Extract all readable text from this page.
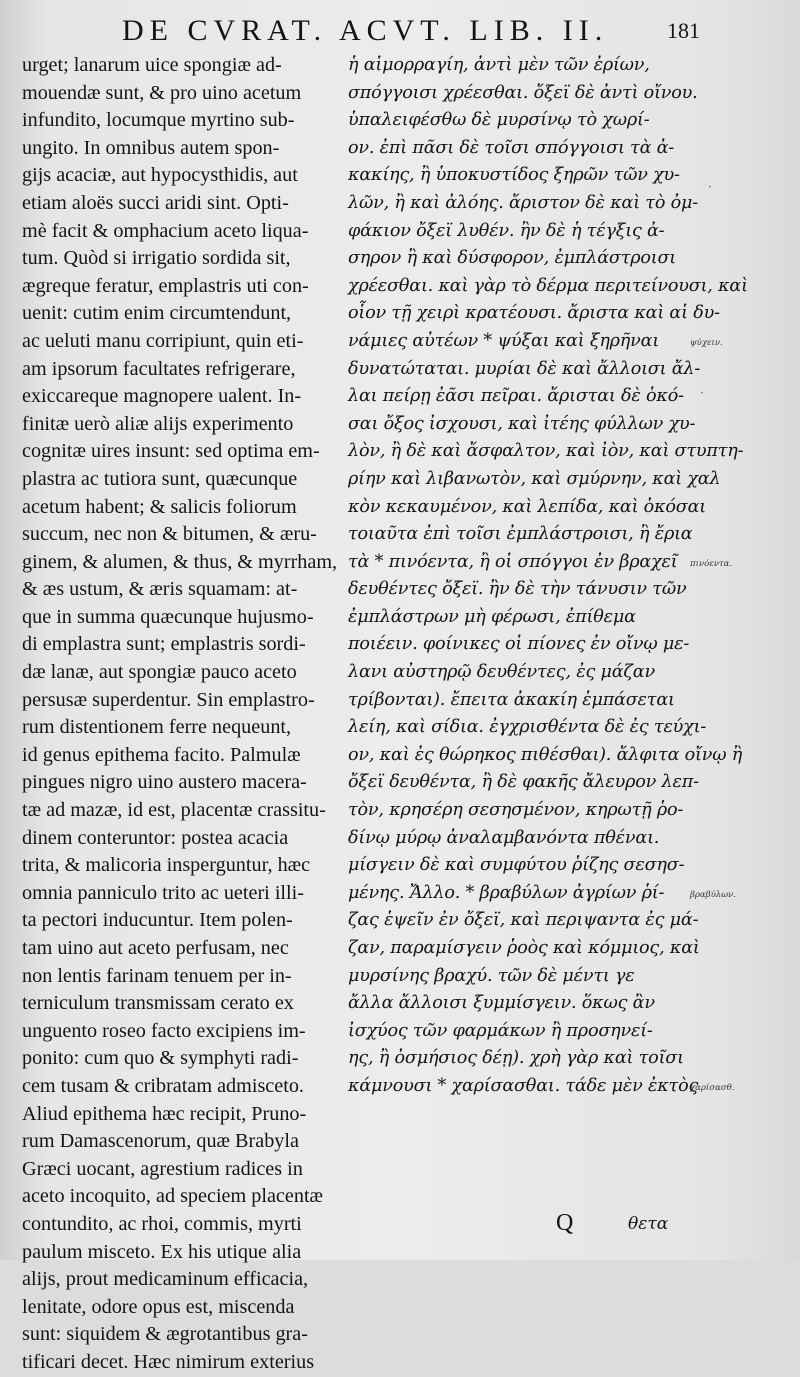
DE CVRAT. ACVT. LIB. II.	181
urget; lanarum uice spongiæ ad-
mouendæ sunt, & pro uino acetum
infundito, locumque myrtino sub-
ungito. In omnibus autem spon-
gijs acaciæ, aut hypocysthidis, aut
etiam aloës succi aridi sint. Opti-
mè facit & omphacium aceto liqua-
tum. Quòd si irrigatio sordida sit,
ægreque feratur, emplastris uti con-
uenit: cutim enim circumtendunt,
ac ueluti manu corripiunt, quin eti-
am ipsorum facultates refrigerare,
exiccareque magnopere ualent. In-
finitæ uerò aliæ alijs experimento
cognitæ uires insunt: sed optima em-
plastra ac tutiora sunt, quæcunque
acetum habent; & salicis foliorum
succum, nec non & bitumen, & æru-
ginem, & alumen, & thus, & myrrham,
& æs ustum, & æris squamam: at-
que in summa quæcunque hujusmo-
di emplastra sunt; emplastris sordi-
dæ lanæ, aut spongiæ pauco aceto
persusæ superdentur. Sin emplastro-
rum distentionem ferre nequeunt,
id genus epithema facito. Palmulæ
pingues nigro uino austero macera-
tæ ad mazæ, id est, placentæ crassitu-
dinem conteruntor: postea acacia
trita, & malicoria insperguntur, hæc
omnia panniculo trito ac ueteri illi-
ta pectori inducuntur. Item polen-
tam uino aut aceto perfusam, nec
non lentis farinam tenuem per in-
terniculum transmissam cerato ex
unguento roseo facto excipiens im-
ponito: cum quo & symphyti radi-
cem tusam & cribratam admisceto.
Aliud epithema hæc recipit, Pruno-
rum Damascenorum, quæ Brabyla
Græci uocant, agrestium radices in
aceto incoquito, ad speciem placentæ
contundito, ac rhoi, commis, myrti
paulum misceto. Ex his utique alia
alijs, prout medicaminum efficacia,
lenitate, odore opus est, miscenda
sunt: siquidem & ægrotantibus gra-
tificari decet. Hæc nimirum exterius
ἡ αἱμορραγίη, ἀντὶ μὲν τῶν ἐρίων,
σπόγγοισι χρέεσθαι. ὄξεϊ δὲ ἀντὶ οἴνου.
ὑπαλειφέσθω δὲ μυρσίνῳ τὸ χωρί-
ον. ἐπὶ πᾶσι δὲ τοῖσι σπόγγοισι τὰ ἀ-
κακίης, ἢ ὑποκυστίδος ξηρῶν τῶν χυ-
λῶν, ἢ καὶ ἀλόης. ἄριστον δὲ καὶ τὸ ὀμ-
φάκιον ὄξεϊ λυθέν. ἢν δὲ ἡ τέγξις ἀ-
σηρον ἢ καὶ δύσφορον, ἐμπλάστροισι
χρέεσθαι. καὶ γὰρ τὸ δέρμα περιτείνουσι, καὶ
οἷον τῇ χειρὶ κρατέουσι. ἄριστα καὶ αἱ δυ-
νάμιες αὐτέων * ψύξαι καὶ ξηρῆναι
δυνατώταται. μυρίαι δὲ καὶ ἄλλοισι ἄλ-
λαι πείρῃ ἐᾶσι πεῖραι. ἄρισται δὲ ὁκό-
σαι ὄξος ἰσχουσι, καὶ ἰτέης φύλλων χυ-
λὸν, ἢ δὲ καὶ ἄσφαλτον, καὶ ἰὸν, καὶ στυπτη-
ρίην καὶ λιβανωτὸν, καὶ σμύρνην, καὶ χαλ
κὸν κεκαυμένον, καὶ λεπίδα, καὶ ὁκόσαι
τοιαῦτα ἐπὶ τοῖσι ἐμπλάστροισι, ἢ ἔρια
τὰ * πινόεντα, ἢ οἱ σπόγγοι ἐν βραχεῖ
δευθέντες ὄξεϊ. ἢν δὲ τὴν τάνυσιν τῶν
ἐμπλάστρων μὴ φέρωσι, ἐπίθεμα
ποιέειν. φοίνικες οἱ πίονες ἐν οἴνῳ με-
λανι αὐστηρῷ δευθέντες, ἐς μάζαν
τρίβονται). ἔπειτα ἀκακίη ἐμπάσεται
λείη, καὶ σίδια. ἐγχρισθέντα δὲ ἐς τεύχι-
ον, καὶ ἐς θώρηκος πιθέσθαι). ἄλφιτα οἴνῳ ἢ
ὄξεϊ δευθέντα, ἢ δὲ φακῆς ἄλευρον λεπ-
τὸν, κρησέρη σεσησμένον, κηρωτῇ ῥο-
δίνῳ μύρῳ ἀναλαμβανόντα πθέναι.
μίσγειν δὲ καὶ συμφύτου ῥίζης σεσησ-
μένης. Ἄλλο. * βραβύλων ἀγρίων ῥί-
ζας ἑψεῖν ἐν ὄξεϊ, καὶ περιψαντα ἐς μά-
ζαν, παραμίσγειν ῥοὸς καὶ κόμμιος, καὶ
μυρσίνης βραχύ. τῶν δὲ μέντι γε
ἄλλα ἄλλοισι ξυμμίσγειν. ὅκως ἂν
ἰσχύος τῶν φαρμάκων ἢ προσηνεί-
ης, ἢ ὀσμήσιος δέῃ). χρὴ γὰρ καὶ τοῖσι
κάμνουσι * χαρίσασθαι. τάδε μὲν ἐκτὸς
ψύχειν.
πινόεντα.
βραβύλων.
χαρίσασθ.
·
·
Q	θετα
